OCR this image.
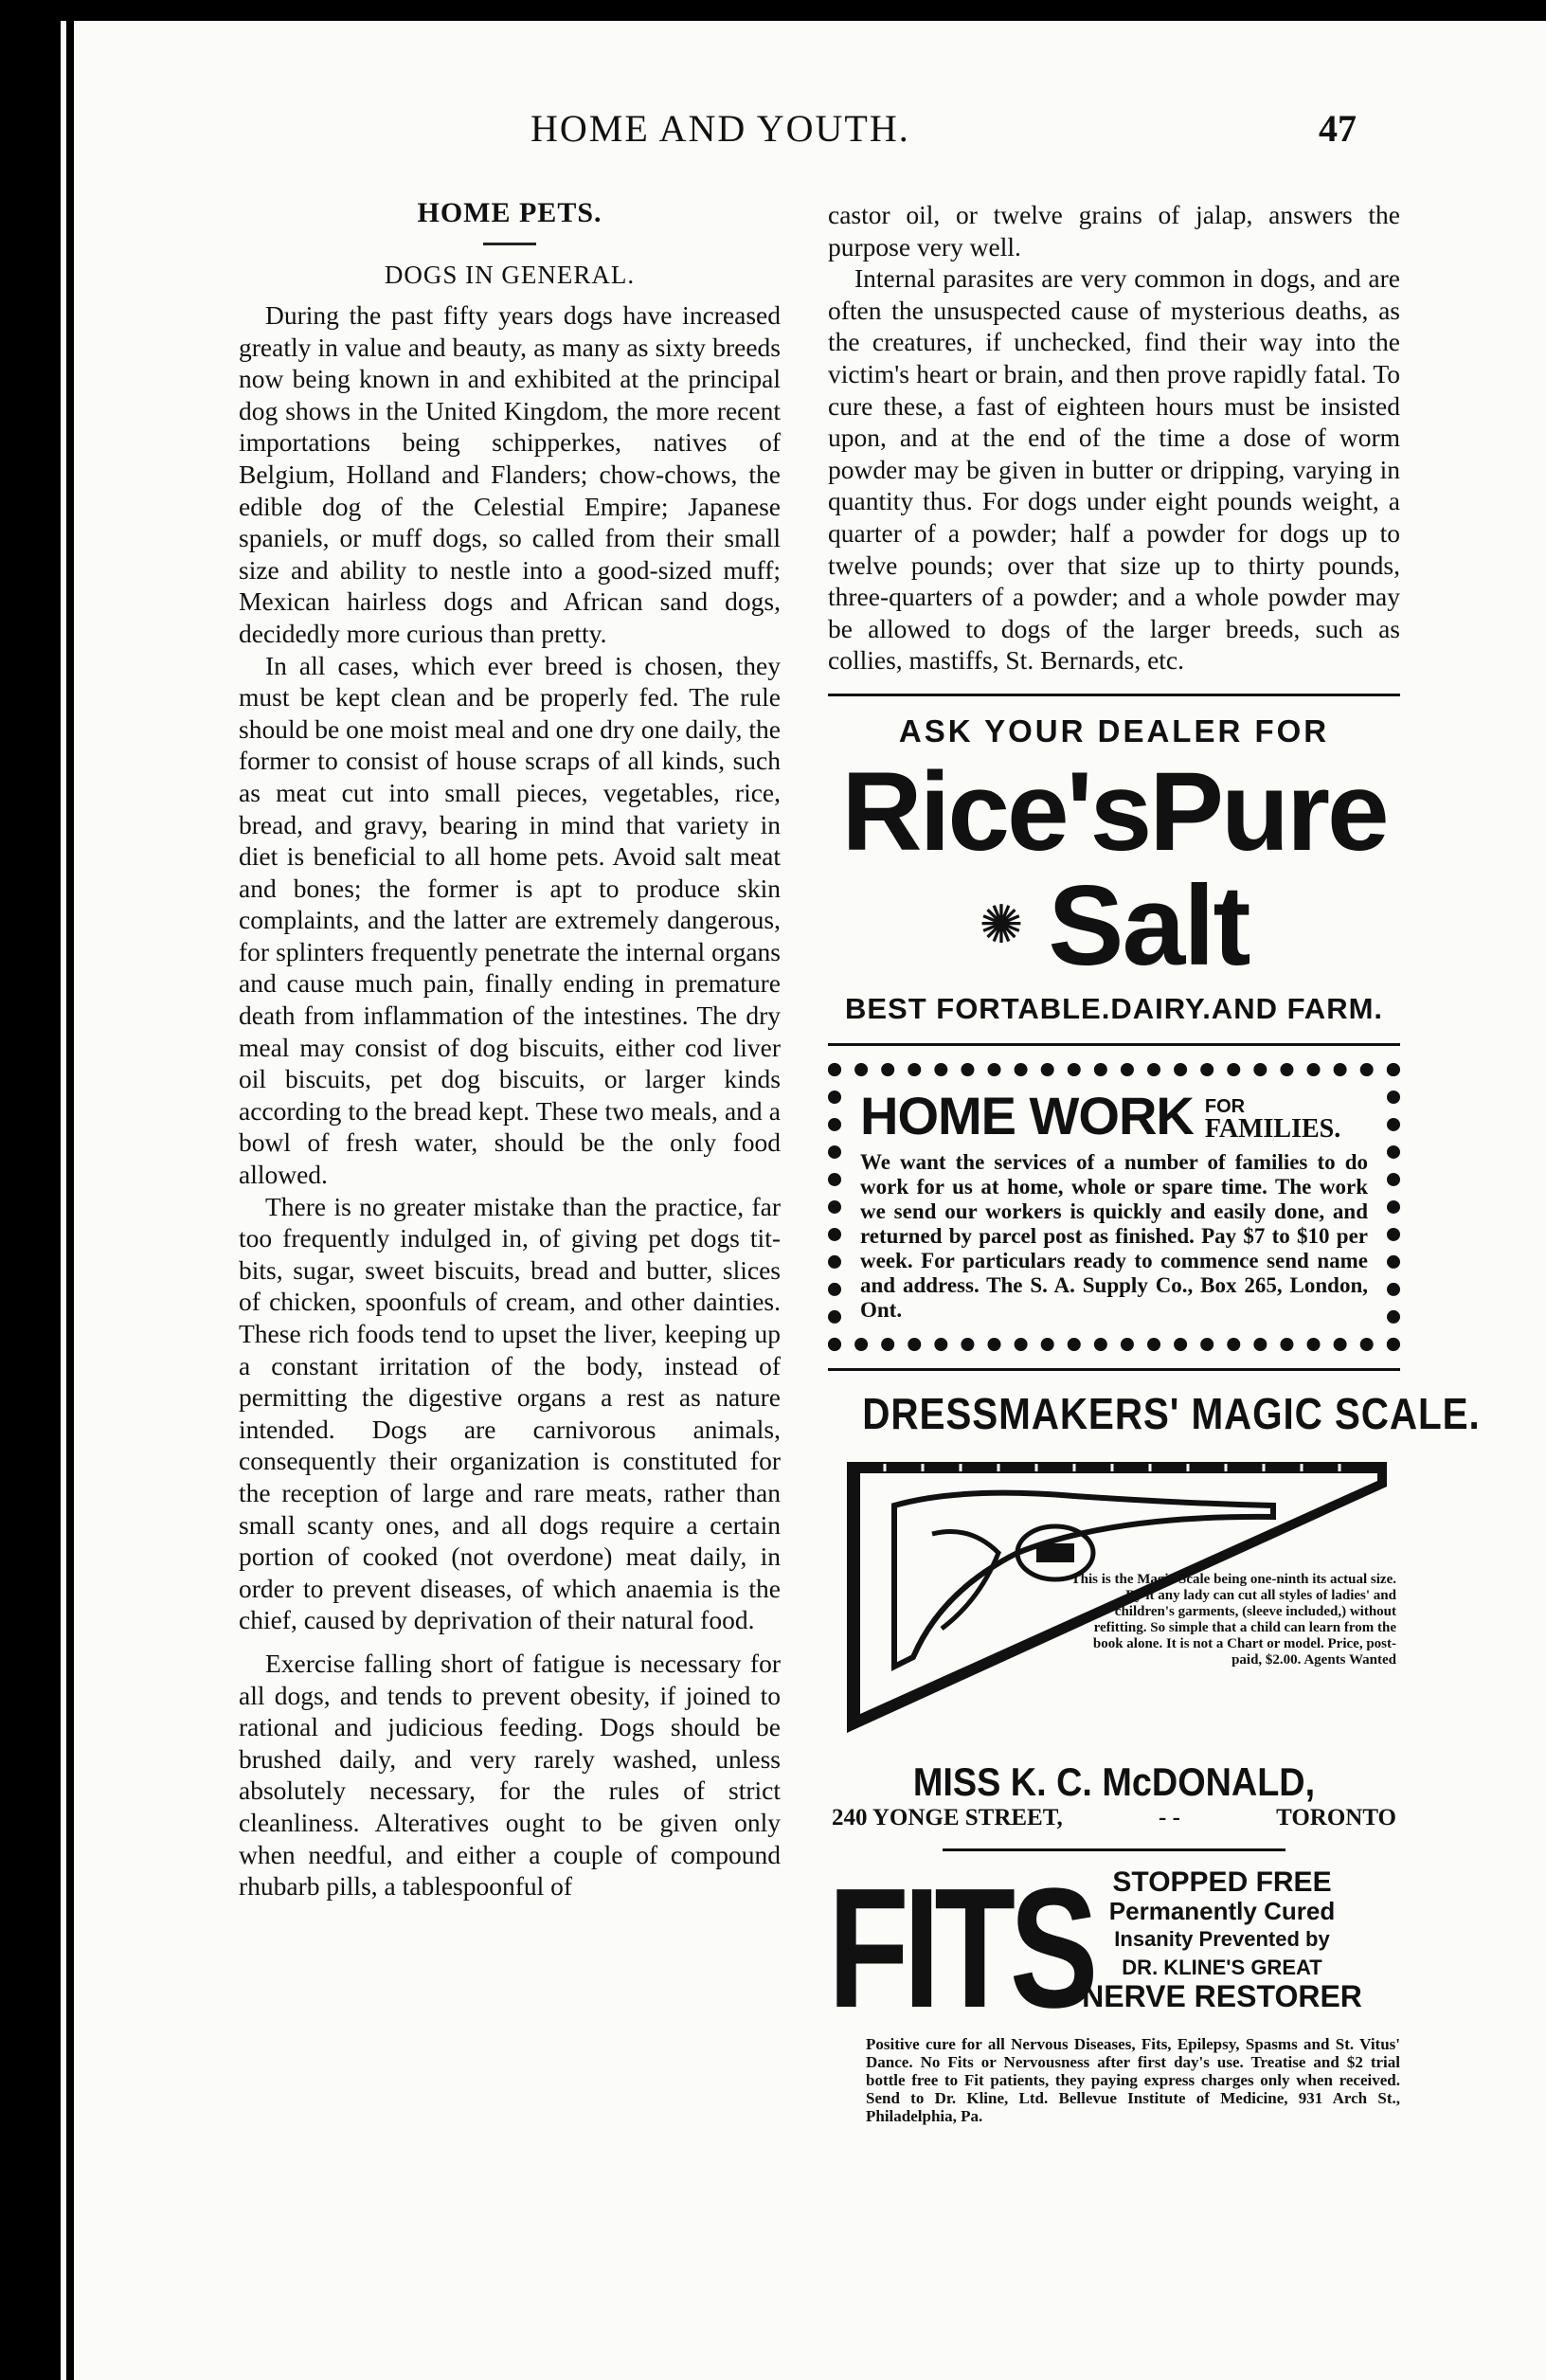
HOME AND YOUTH.	47
HOME PETS.
DOGS IN GENERAL.

During the past fifty years dogs have increased greatly in value and beauty, as many as sixty breeds now being known in and exhibited at the principal dog shows in the United Kingdom, the more recent importations being schipperkes, natives of Belgium, Holland and Flanders; chow-chows, the edible dog of the Celestial Empire; Japanese spaniels, or muff dogs, so called from their small size and ability to nestle into a good-sized muff; Mexican hairless dogs and African sand dogs, decidedly more curious than pretty.

In all cases, which ever breed is chosen, they must be kept clean and be properly fed. The rule should be one moist meal and one dry one daily, the former to consist of house scraps of all kinds, such as meat cut into small pieces, vegetables, rice, bread, and gravy, bearing in mind that variety in diet is beneficial to all home pets. Avoid salt meat and bones; the former is apt to produce skin complaints, and the latter are extremely dangerous, for splinters frequently penetrate the internal organs and cause much pain, finally ending in premature death from inflammation of the intestines. The dry meal may consist of dog biscuits, either cod liver oil biscuits, pet dog biscuits, or larger kinds according to the bread kept. These two meals, and a bowl of fresh water, should be the only food allowed.

There is no greater mistake than the practice, far too frequently indulged in, of giving pet dogs tit-bits, sugar, sweet biscuits, bread and butter, slices of chicken, spoonfuls of cream, and other dainties. These rich foods tend to upset the liver, keeping up a constant irritation of the body, instead of permitting the digestive organs a rest as nature intended. Dogs are carnivorous animals, consequently their organization is constituted for the reception of large and rare meats, rather than small scanty ones, and all dogs require a certain portion of cooked (not overdone) meat daily, in order to prevent diseases, of which anaemia is the chief, caused by deprivation of their natural food.

Exercise falling short of fatigue is necessary for all dogs, and tends to prevent obesity, if joined to rational and judicious feeding. Dogs should be brushed daily, and very rarely washed, unless absolutely necessary, for the rules of strict cleanliness. Alteratives ought to be given only when needful, and either a couple of compound rhubarb pills, a tablespoonful of

castor oil, or twelve grains of jalap, answers the purpose very well.

Internal parasites are very common in dogs, and are often the unsuspected cause of mysterious deaths, as the creatures, if unchecked, find their way into the victim's heart or brain, and then prove rapidly fatal. To cure these, a fast of eighteen hours must be insisted upon, and at the end of the time a dose of worm powder may be given in butter or dripping, varying in quantity thus. For dogs under eight pounds weight, a quarter of a powder; half a powder for dogs up to twelve pounds; over that size up to thirty pounds, three-quarters of a powder; and a whole powder may be allowed to dogs of the larger breeds, such as collies, mastiffs, St. Bernards, etc.

ASK YOUR DEALER FOR
Rice'sPure
✺ Salt
BEST FORTABLE.DAIRY.AND FARM.
HOME WORK FOR
FAMILIES.
We want the services of a number of families to do work for us at home, whole or spare time. The work we send our workers is quickly and easily done, and returned by parcel post as finished. Pay $7 to $10 per week. For particulars ready to commence send name and address. The S. A. Supply Co., Box 265, London, Ont.
DRESSMAKERS' MAGIC SCALE.
This is the Magic Scale being one-ninth its actual size. By it any lady can cut all styles of ladies' and children's garments, (sleeve included,) without refitting. So simple that a child can learn from the book alone. It is not a Chart or model. Price, post-paid, $2.00. Agents Wanted
MISS K. C. McDONALD,
240 YONGE STREET,	- -	TORONTO
FITS STOPPED FREE
Permanently Cured
Insanity Prevented by
DR. KLINE'S GREAT
NERVE RESTORER
Positive cure for all Nervous Diseases, Fits, Epilepsy, Spasms and St. Vitus' Dance. No Fits or Nervousness after first day's use. Treatise and $2 trial bottle free to Fit patients, they paying express charges only when received. Send to Dr. Kline, Ltd. Bellevue Institute of Medicine, 931 Arch St., Philadelphia, Pa.
